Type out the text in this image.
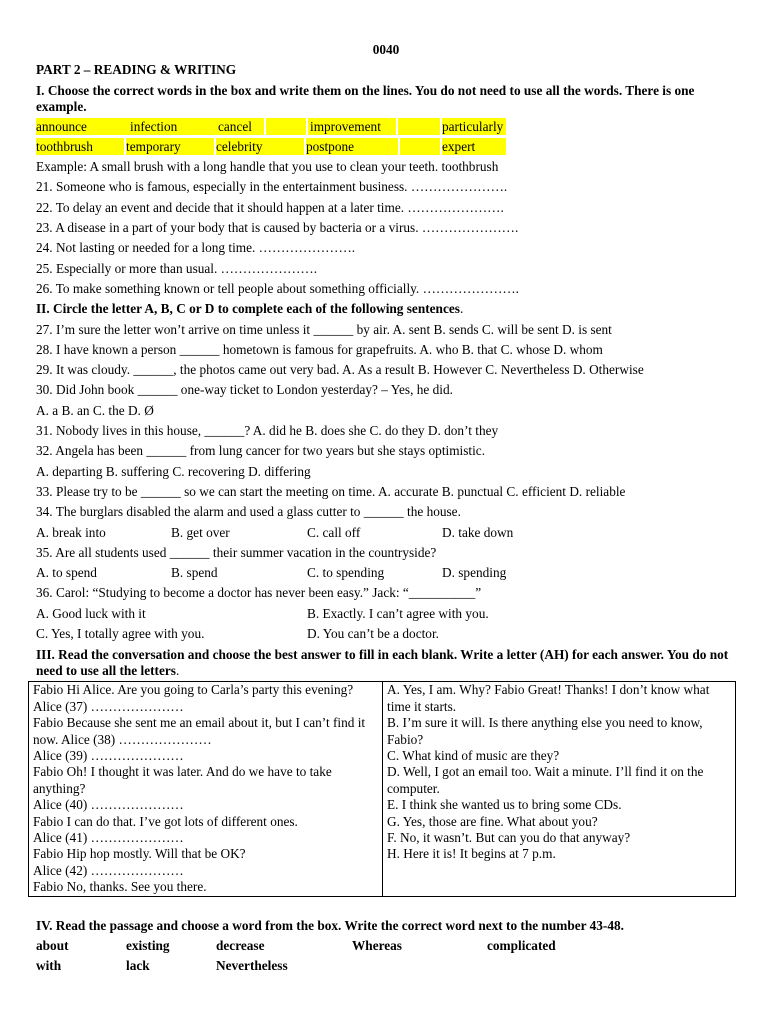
0040
PART 2 – READING & WRITING
I. Choose the correct words in the box and write them on the lines. You do not need to use all the words. There is one example.
announce	infection	cancel	improvement	particularly
toothbrush	temporary	celebrity	postpone	expert
Example: A small brush with a long handle that you use to clean your teeth. toothbrush
21. Someone who is famous, especially in the entertainment business. ………………….
22. To delay an event and decide that it should happen at a later time. ………………….
23. A disease in a part of your body that is caused by bacteria or a virus. ………………….
24. Not lasting or needed for a long time. ………………….
25. Especially or more than usual. ………………….
26. To make something known or tell people about something officially. ………………….
II. Circle the letter A, B, C or D to complete each of the following sentences.
27. I’m sure the letter won’t arrive on time unless it ______ by air. A. sent B. sends C. will be sent D. is sent
28. I have known a person ______ hometown is famous for grapefruits. A. who B. that C. whose D. whom
29. It was cloudy. ______, the photos came out very bad. A. As a result B. However C. Nevertheless D. Otherwise
30. Did John book ______ one-way ticket to London yesterday? – Yes, he did.
A. a B. an C. the D. Ø
31. Nobody lives in this house, ______? A. did he B. does she C. do they D. don’t they
32. Angela has been ______ from lung cancer for two years but she stays optimistic.
A. departing B. suffering C. recovering D. differing
33. Please try to be ______ so we can start the meeting on time. A. accurate B. punctual C. efficient D. reliable
34. The burglars disabled the alarm and used a glass cutter to ______ the house.
A. break into	B. get over	C. call off	D. take down
35. Are all students used ______ their summer vacation in the countryside?
A. to spend	B. spend	C. to spending	D. spending
36. Carol: “Studying to become a doctor has never been easy.” Jack: “__________”
A. Good luck with it	B. Exactly. I can’t agree with you.
C. Yes, I totally agree with you.	D. You can’t be a doctor.
III. Read the conversation and choose the best answer to fill in each blank. Write a letter (AH) for each answer. You do not need to use all the letters.
Fabio Hi Alice. Are you going to Carla’s party this evening?
Alice (37) …………………
Fabio Because she sent me an email about it, but I can’t find it now. Alice (38) …………………
Alice (39) …………………
Fabio Oh! I thought it was later. And do we have to take anything?
Alice (40) …………………
Fabio I can do that. I’ve got lots of different ones.
Alice (41) …………………
Fabio Hip hop mostly. Will that be OK?
Alice (42) …………………
Fabio No, thanks. See you there.

A. Yes, I am. Why? Fabio Great! Thanks! I don’t know what time it starts.
B. I’m sure it will. Is there anything else you need to know, Fabio?
C. What kind of music are they?
D. Well, I got an email too. Wait a minute. I’ll find it on the computer.
E. I think she wanted us to bring some CDs.
G. Yes, those are fine. What about you?
F. No, it wasn’t. But can you do that anyway?
H. Here it is! It begins at 7 p.m.
IV. Read the passage and choose a word from the box. Write the correct word next to the number 43-48.
about	existing	decrease	Whereas	complicated
with	lack	Nevertheless
